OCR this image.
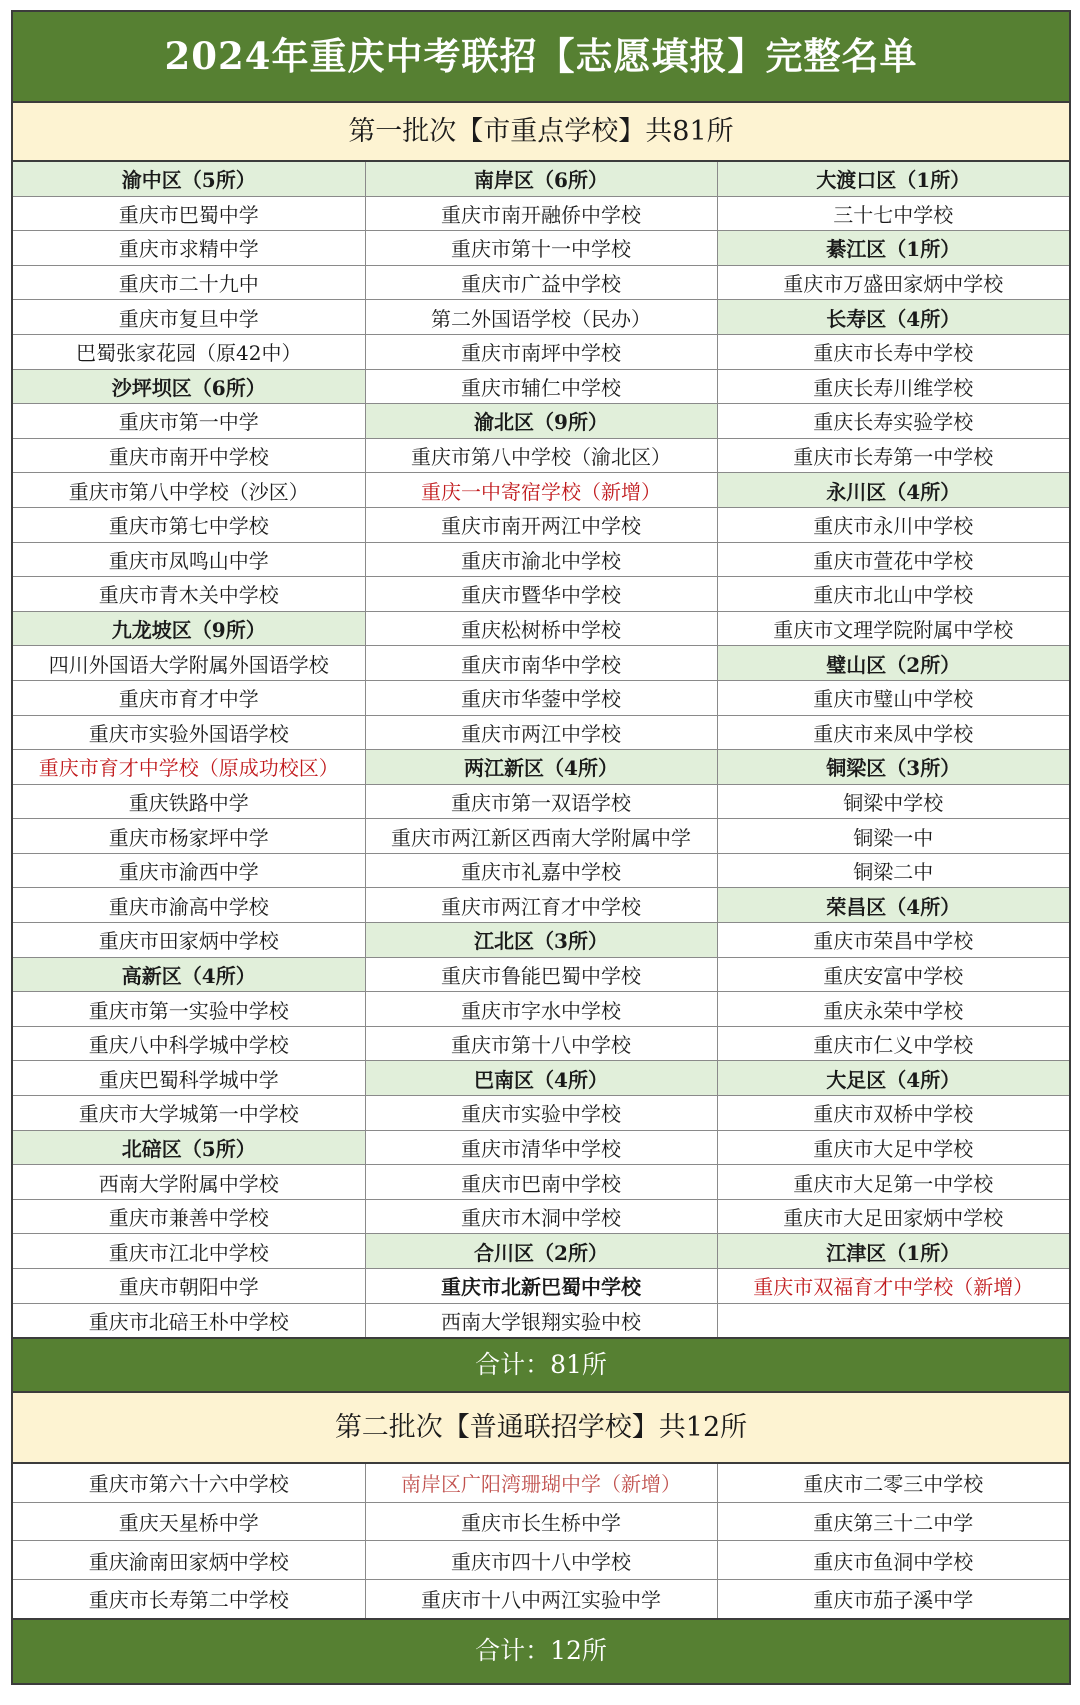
2024年重庆中考联招【志愿填报】完整名单
第一批次【市重点学校】共81所
渝中区（5所）	南岸区（6所）	大渡口区（1所）
重庆市巴蜀中学	重庆市南开融侨中学校	三十七中学校
重庆市求精中学	重庆市第十一中学校	綦江区（1所）
重庆市二十九中	重庆市广益中学校	重庆市万盛田家炳中学校
重庆市复旦中学	第二外国语学校（民办）	长寿区（4所）
巴蜀张家花园（原42中）	重庆市南坪中学校	重庆市长寿中学校
沙坪坝区（6所）	重庆市辅仁中学校	重庆长寿川维学校
重庆市第一中学	渝北区（9所）	重庆长寿实验学校
重庆市南开中学校	重庆市第八中学校（渝北区）	重庆市长寿第一中学校
重庆市第八中学校（沙区）	重庆一中寄宿学校（新增）	永川区（4所）
重庆市第七中学校	重庆市南开两江中学校	重庆市永川中学校
重庆市凤鸣山中学	重庆市渝北中学校	重庆市萱花中学校
重庆市青木关中学校	重庆市暨华中学校	重庆市北山中学校
九龙坡区（9所）	重庆松树桥中学校	重庆市文理学院附属中学校
四川外国语大学附属外国语学校	重庆市南华中学校	璧山区（2所）
重庆市育才中学	重庆市华蓥中学校	重庆市璧山中学校
重庆市实验外国语学校	重庆市两江中学校	重庆市来凤中学校
重庆市育才中学校（原成功校区）	两江新区（4所）	铜梁区（3所）
重庆铁路中学	重庆市第一双语学校	铜梁中学校
重庆市杨家坪中学	重庆市两江新区西南大学附属中学	铜梁一中
重庆市渝西中学	重庆市礼嘉中学校	铜梁二中
重庆市渝高中学校	重庆市两江育才中学校	荣昌区（4所）
重庆市田家炳中学校	江北区（3所）	重庆市荣昌中学校
高新区（4所）	重庆市鲁能巴蜀中学校	重庆安富中学校
重庆市第一实验中学校	重庆市字水中学校	重庆永荣中学校
重庆八中科学城中学校	重庆市第十八中学校	重庆市仁义中学校
重庆巴蜀科学城中学	巴南区（4所）	大足区（4所）
重庆市大学城第一中学校	重庆市实验中学校	重庆市双桥中学校
北碚区（5所）	重庆市清华中学校	重庆市大足中学校
西南大学附属中学校	重庆市巴南中学校	重庆市大足第一中学校
重庆市兼善中学校	重庆市木洞中学校	重庆市大足田家炳中学校
重庆市江北中学校	合川区（2所）	江津区（1所）
重庆市朝阳中学	重庆市北新巴蜀中学校	重庆市双福育才中学校（新增）
重庆市北碚王朴中学校	西南大学银翔实验中校	
合计：81所
第二批次【普通联招学校】共12所
重庆市第六十六中学校	南岸区广阳湾珊瑚中学（新增）	重庆市二零三中学校
重庆天星桥中学	重庆市长生桥中学	重庆第三十二中学
重庆渝南田家炳中学校	重庆市四十八中学校	重庆市鱼洞中学校
重庆市长寿第二中学校	重庆市十八中两江实验中学	重庆市茄子溪中学
合计：12所
